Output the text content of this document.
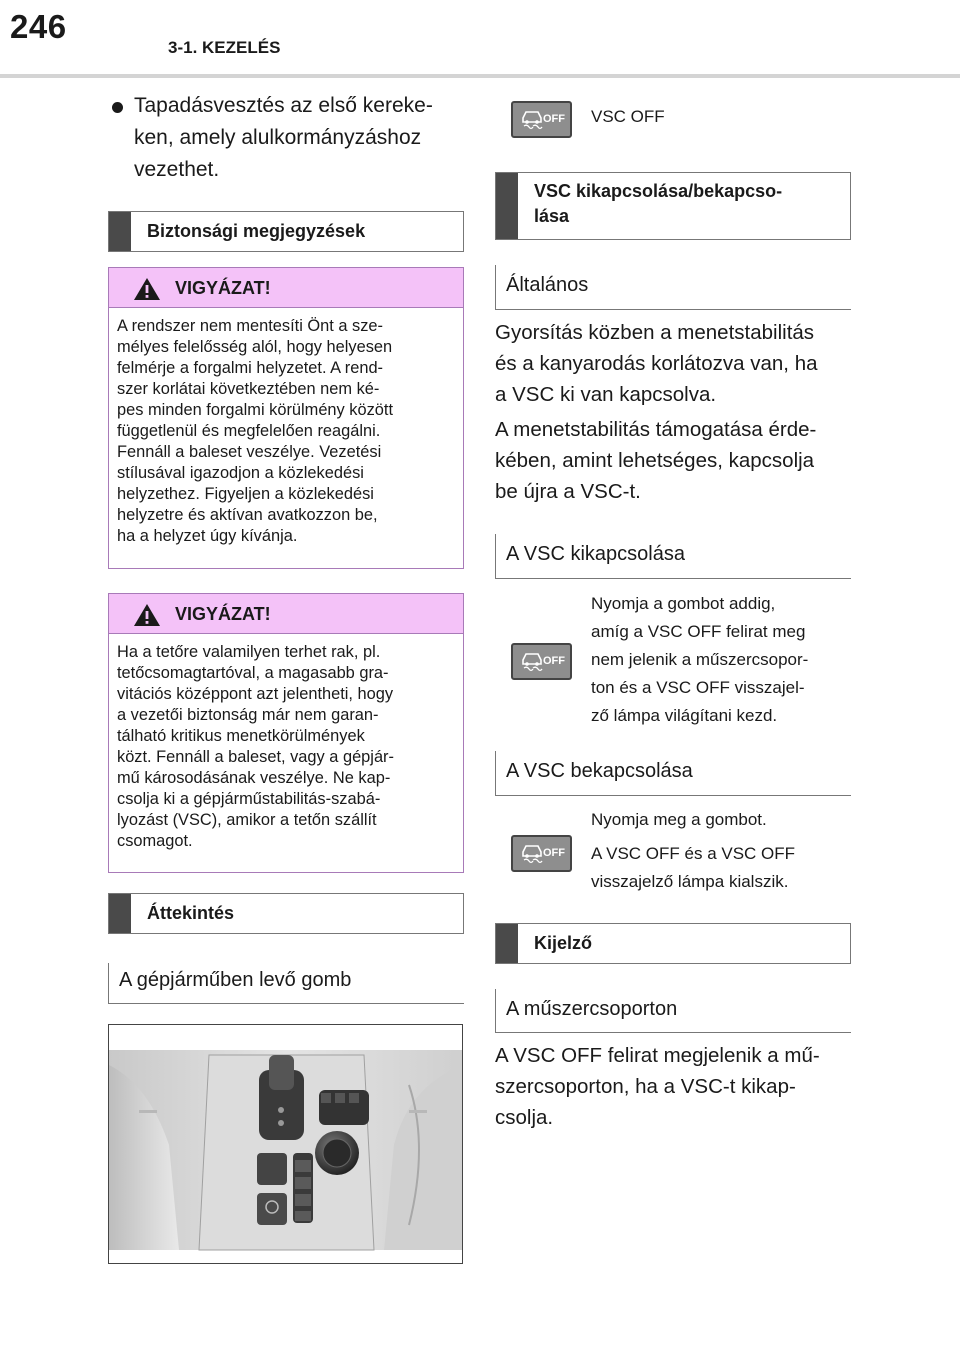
246
3-1. KEZELÉS
Tapadásvesztés az első kereke-
ken, amely alulkormányzáshoz
vezethet.
Biztonsági megjegyzések
VIGYÁZAT!
A rendszer nem mentesíti Önt a sze-
mélyes felelősség alól, hogy helyesen
felmérje a forgalmi helyzetet. A rend-
szer korlátai következtében nem ké-
pes minden forgalmi körülmény között
függetlenül és megfelelően reagálni.
Fennáll a baleset veszélye. Vezetési
stílusával igazodjon a közlekedési
helyzethez. Figyeljen a közlekedési
helyzetre és aktívan avatkozzon be,
ha a helyzet úgy kívánja.
VIGYÁZAT!
Ha a tetőre valamilyen terhet rak, pl.
tetőcsomagtartóval, a magasabb gra-
vitációs középpont azt jelentheti, hogy
a vezetői biztonság már nem garan-
tálható kritikus menetkörülmények
közt. Fennáll a baleset, vagy a gépjár-
mű károsodásának veszélye. Ne kap-
csolja ki a gépjárműstabilitás-szabá-
lyozást (VSC), amikor a tetőn szállít
csomagot.
Áttekintés
A gépjárműben levő gomb
OFF VSC OFF
VSC kikapcsolása/bekapcso-
lása
Általános
Gyorsítás közben a menetstabilitás
és a kanyarodás korlátozva van, ha
a VSC ki van kapcsolva.
A menetstabilitás támogatása érde-
kében, amint lehetséges, kapcsolja
be újra a VSC-t.
A VSC kikapcsolása
OFF
Nyomja a gombot addig,
amíg a VSC OFF felirat meg
nem jelenik a műszercsopor-
ton és a VSC OFF visszajel-
ző lámpa világítani kezd.
A VSC bekapcsolása
OFF
Nyomja meg a gombot.
A VSC OFF és a VSC OFF
visszajelző lámpa kialszik.
Kijelző
A műszercsoporton
A VSC OFF felirat megjelenik a mű-
szercsoporton, ha a VSC-t kikap-
csolja.
